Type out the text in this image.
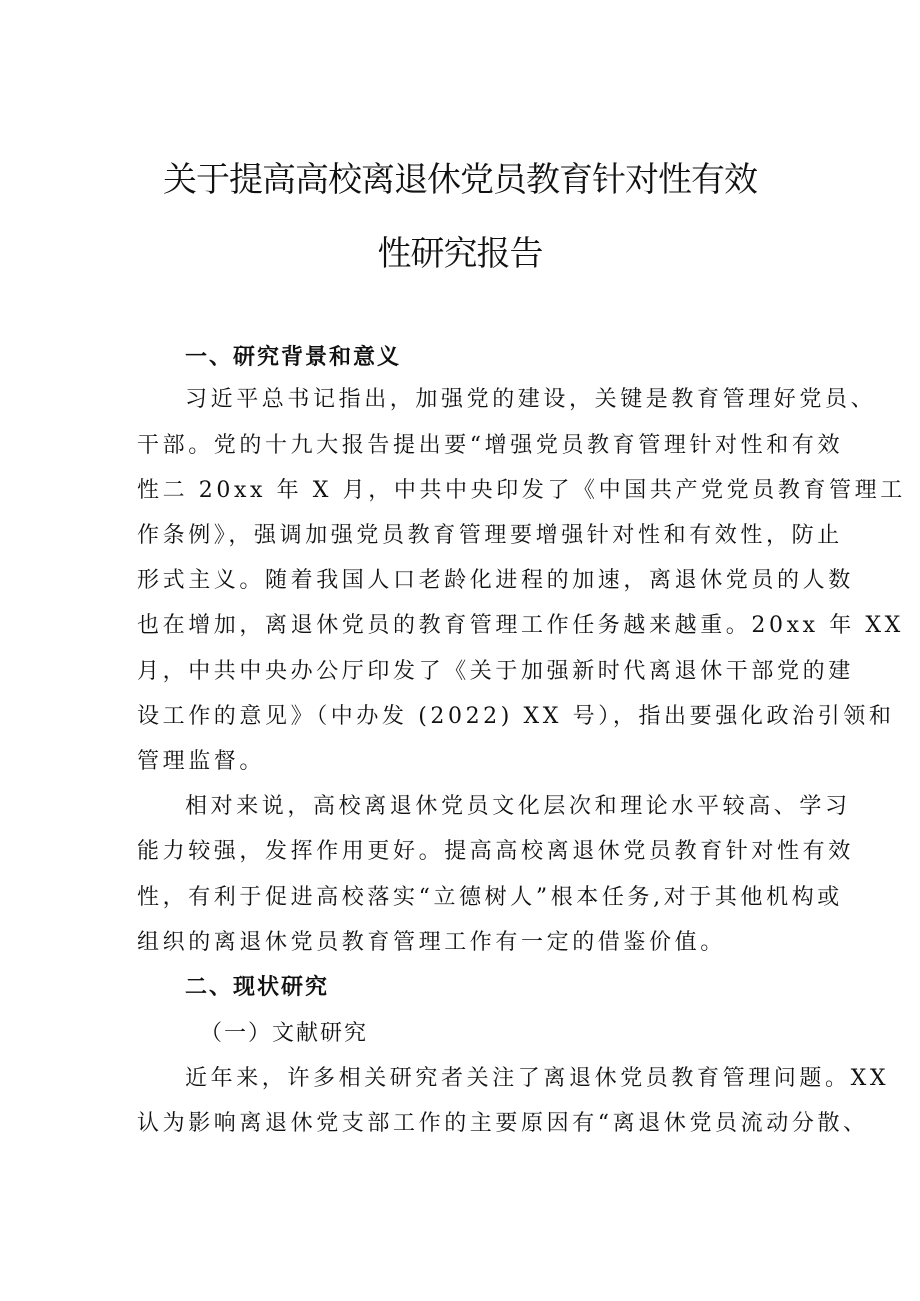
关于提高高校离退休党员教育针对性有效
性研究报告
一、研究背景和意义
习近平总书记指出，加强党的建设，关键是教育管理好党员、
干部。党的十九大报告提出要“增强党员教育管理针对性和有效
性二 20xx 年 X 月，中共中央印发了《中国共产党党员教育管理工
作条例》，强调加强党员教育管理要增强针对性和有效性，防止
形式主义。随着我国人口老龄化进程的加速，离退休党员的人数
也在增加，离退休党员的教育管理工作任务越来越重。20xx 年 XX
月，中共中央办公厅印发了《关于加强新时代离退休干部党的建
设工作的意见》（中办发 (2022) XX 号），指出要强化政治引领和
管理监督。
相对来说，高校离退休党员文化层次和理论水平较高、学习
能力较强，发挥作用更好。提高高校离退休党员教育针对性有效
性，有利于促进高校落实“立德树人”根本任务,对于其他机构或
组织的离退休党员教育管理工作有一定的借鉴价值。
二、现状研究
（一）文献研究
近年来，许多相关研究者关注了离退休党员教育管理问题。XX
认为影响离退休党支部工作的主要原因有“离退休党员流动分散、
